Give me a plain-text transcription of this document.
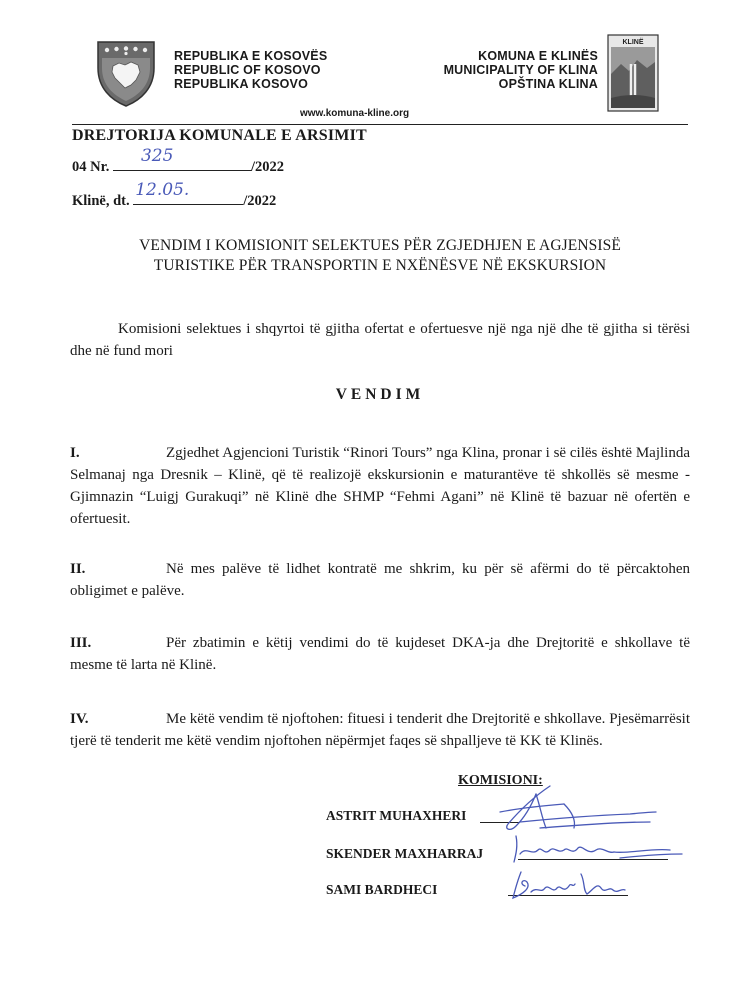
KLINË
REPUBLIKA E KOSOVËS
REPUBLIC OF KOSOVO
REPUBLIKA KOSOVO
KOMUNA E KLINËS
MUNICIPALITY OF KLINA
OPŠTINA KLINA
www.komuna-kline.org
DREJTORIJA KOMUNALE E ARSIMIT
04 Nr.
325
/2022
Klinë, dt.
12.05.
/2022
VENDIM I KOMISIONIT SELEKTUES PËR ZGJEDHJEN E AGJENSISË
TURISTIKE PËR TRANSPORTIN E NXËNËSVE NË EKSKURSION
Komisioni selektues i shqyrtoi të gjitha ofertat e ofertuesve një nga një dhe të gjitha si tërësi dhe në fund mori
VENDIM
I.	Zgjedhet Agjencioni Turistik “Rinori Tours” nga Klina, pronar i së cilës është Majlinda Selmanaj nga Dresnik – Klinë, që të realizojë ekskursionin e maturantëve të shkollës së mesme - Gjimnazin “Luigj Gurakuqi” në Klinë dhe SHMP “Fehmi Agani” në Klinë të bazuar në ofertën e ofertuesit.
II.	Në mes palëve të lidhet kontratë me shkrim, ku për së afërmi do të përcaktohen obligimet e palëve.
III.	Për zbatimin e këtij vendimi do të kujdeset DKA-ja dhe Drejtoritë e shkollave të mesme të larta në Klinë.
IV.	Me këtë vendim të njoftohen: fituesi i tenderit dhe Drejtoritë e shkollave. Pjesëmarrësit tjerë të tenderit me këtë vendim njoftohen nëpërmjet faqes së shpalljeve të KK të Klinës.
KOMISIONI:
ASTRIT MUHAXHERI
SKENDER MAXHARRAJ
SAMI BARDHECI
